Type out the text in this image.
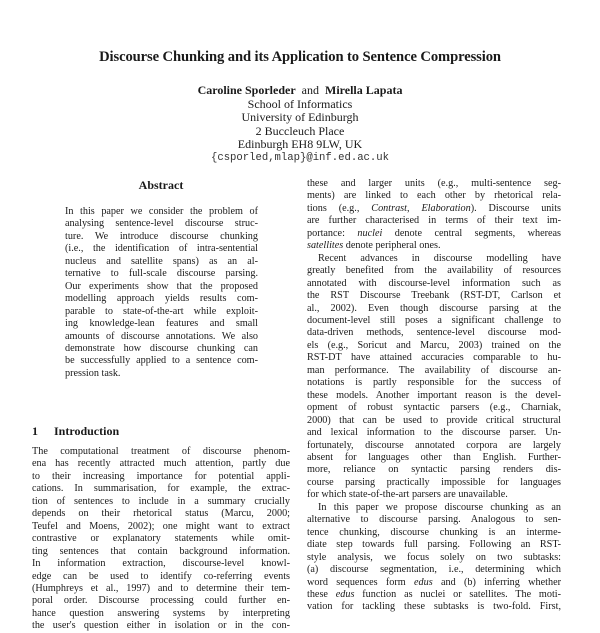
Discourse Chunking and its Application to Sentence Compression
Caroline Sporleder and Mirella Lapata
School of Informatics
University of Edinburgh
2 Buccleuch Place
Edinburgh EH8 9LW, UK
{csporled,mlap}@inf.ed.ac.uk
Abstract
In this paper we consider the problem of
analysing sentence-level discourse struc-
ture. We introduce discourse chunking
(i.e., the identification of intra-sentential
nucleus and satellite spans) as an al-
ternative to full-scale discourse parsing.
Our experiments show that the proposed
modelling approach yields results com-
parable to state-of-the-art while exploit-
ing knowledge-lean features and small
amounts of discourse annotations. We also
demonstrate how discourse chunking can
be successfully applied to a sentence com-
pression task.
1 Introduction
The computational treatment of discourse phenom-
ena has recently attracted much attention, partly due
to their increasing importance for potential appli-
cations. In summarisation, for example, the extrac-
tion of sentences to include in a summary crucially
depends on their rhetorical status (Marcu, 2000;
Teufel and Moens, 2002); one might want to extract
contrastive or explanatory statements while omit-
ting sentences that contain background information.
In information extraction, discourse-level knowl-
edge can be used to identify co-referring events
(Humphreys et al., 1997) and to determine their tem-
poral order. Discourse processing could further en-
hance question answering systems by interpreting
the user's question either in isolation or in the con-
these and larger units (e.g., multi-sentence seg-
ments) are linked to each other by rhetorical rela-
tions (e.g., Contrast, Elaboration). Discourse units
are further characterised in terms of their text im-
portance: nuclei denote central segments, whereas
satellites denote peripheral ones.
Recent advances in discourse modelling have
greatly benefited from the availability of resources
annotated with discourse-level information such as
the RST Discourse Treebank (RST-DT, Carlson et
al., 2002). Even though discourse parsing at the
document-level still poses a significant challenge to
data-driven methods, sentence-level discourse mod-
els (e.g., Soricut and Marcu, 2003) trained on the
RST-DT have attained accuracies comparable to hu-
man performance. The availability of discourse an-
notations is partly responsible for the success of
these models. Another important reason is the devel-
opment of robust syntactic parsers (e.g., Charniak,
2000) that can be used to provide critical structural
and lexical information to the discourse parser. Un-
fortunately, discourse annotated corpora are largely
absent for languages other than English. Further-
more, reliance on syntactic parsing renders dis-
course parsing practically impossible for languages
for which state-of-the-art parsers are unavailable.
In this paper we propose discourse chunking as an
alternative to discourse parsing. Analogous to sen-
tence chunking, discourse chunking is an interme-
diate step towards full parsing. Following an RST-
style analysis, we focus solely on two subtasks:
(a) discourse segmentation, i.e., determining which
word sequences form edus and (b) inferring whether
these edus function as nuclei or satellites. The moti-
vation for tackling these subtasks is two-fold. First,
